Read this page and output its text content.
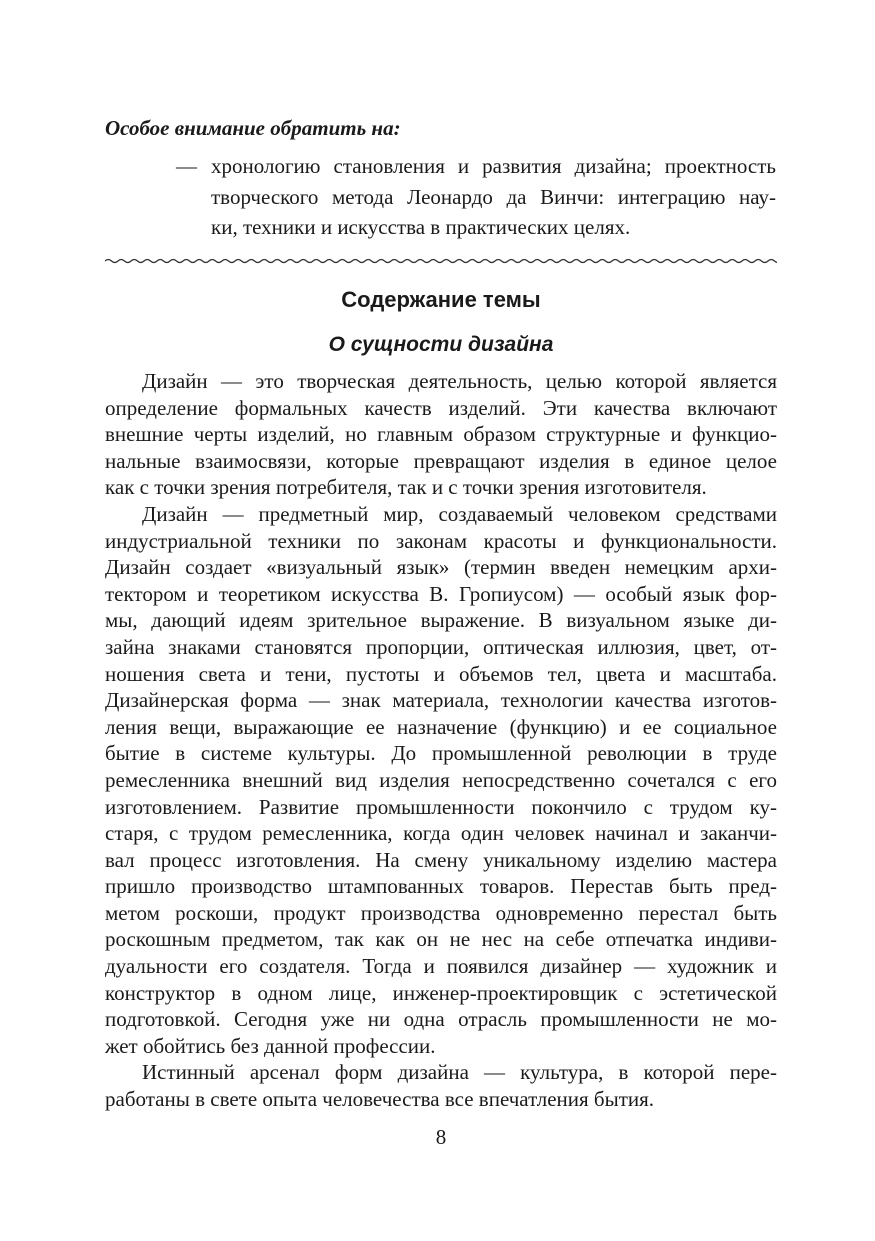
Особое внимание обратить на:
— хронологию становления и развития дизайна; проектность
творческого метода Леонардо да Винчи: интеграцию нау-
ки, техники и искусства в практических целях.
Содержание темы
О сущности дизайна
Дизайн — это творческая деятельность, целью которой является
определение формальных качеств изделий. Эти качества включают
внешние черты изделий, но главным образом структурные и функцио-
нальные взаимосвязи, которые превращают изделия в единое целое
как с точки зрения потребителя, так и с точки зрения изготовителя.
Дизайн — предметный мир, создаваемый человеком средствами
индустриальной техники по законам красоты и функциональности.
Дизайн создает «визуальный язык» (термин введен немецким архи-
тектором и теоретиком искусства В. Гропиусом) — особый язык фор-
мы, дающий идеям зрительное выражение. В визуальном языке ди-
зайна знаками становятся пропорции, оптическая иллюзия, цвет, от-
ношения света и тени, пустоты и объемов тел, цвета и масштаба.
Дизайнерская форма — знак материала, технологии качества изготов-
ления вещи, выражающие ее назначение (функцию) и ее социальное
бытие в системе культуры. До промышленной революции в труде
ремесленника внешний вид изделия непосредственно сочетался с его
изготовлением. Развитие промышленности покончило с трудом ку-
старя, с трудом ремесленника, когда один человек начинал и заканчи-
вал процесс изготовления. На смену уникальному изделию мастера
пришло производство штампованных товаров. Перестав быть пред-
метом роскоши, продукт производства одновременно перестал быть
роскошным предметом, так как он не нес на себе отпечатка индиви-
дуальности его создателя. Тогда и появился дизайнер — художник и
конструктор в одном лице, инженер-проектировщик с эстетической
подготовкой. Сегодня уже ни одна отрасль промышленности не мо-
жет обойтись без данной профессии.
Истинный арсенал форм дизайна — культура, в которой пере-
работаны в свете опыта человечества все впечатления бытия.
8
